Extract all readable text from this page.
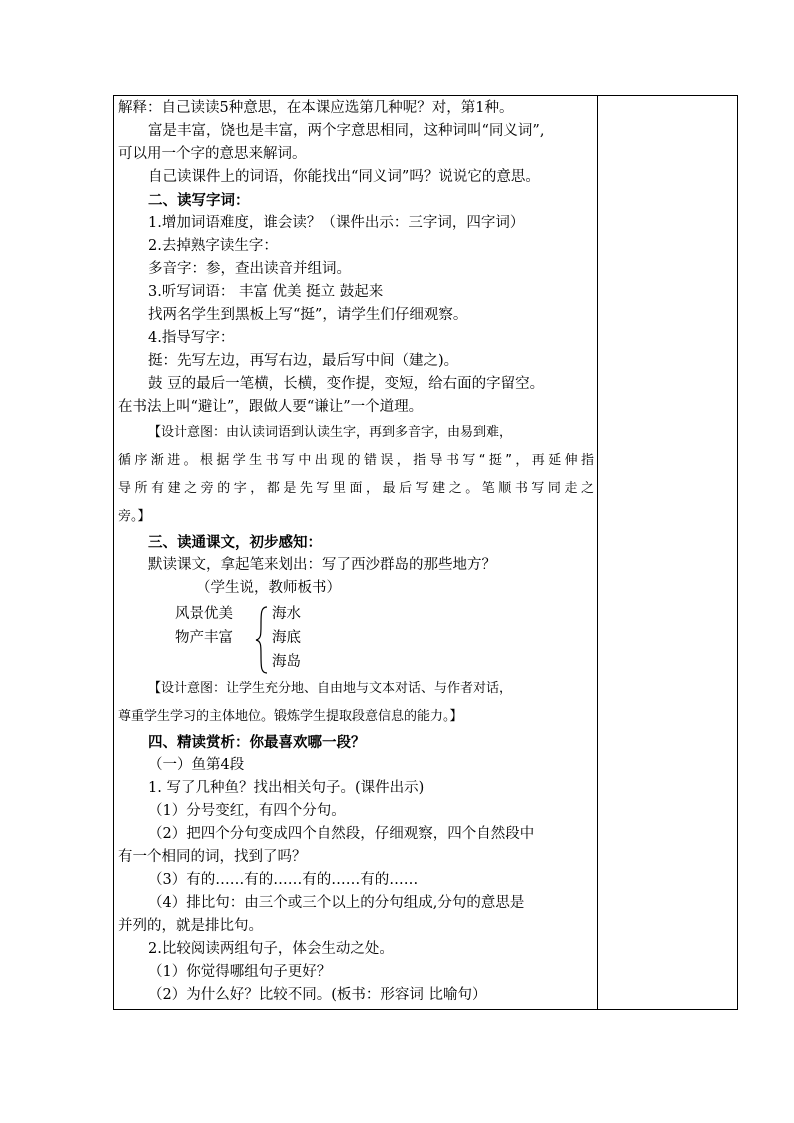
解释：自己读读5种意思，在本课应选第几种呢？对，第1种。
富是丰富，饶也是丰富，两个字意思相同，这种词叫“同义词”,
可以用一个字的意思来解词。
自己读课件上的词语，你能找出“同义词”吗？说说它的意思。
二、读写字词：
1.增加词语难度，谁会读？（课件出示：三字词，四字词）
2.去掉熟字读生字：
多音字：参，查出读音并组词。
3.听写词语： 丰富 优美 挺立 鼓起来
找两名学生到黑板上写“挺”，请学生们仔细观察。
4.指导写字：
挺：先写左边，再写右边，最后写中间（建之)。
鼓 豆的最后一笔横，长横，变作提，变短，给右面的字留空。
在书法上叫“避让”，跟做人要“谦让”一个道理。
【设计意图：由认读词语到认读生字，再到多音字，由易到难，
循序渐进。根据学生书写中出现的错误，指导书写“挺”，再延伸指
导所有建之旁的字，都是先写里面，最后写建之。笔顺书写同走之
旁。】
三、读通课文，初步感知：
默读课文，拿起笔来划出：写了西沙群岛的那些地方？
（学生说，教师板书）
【设计意图：让学生充分地、自由地与文本对话、与作者对话，
尊重学生学习的主体地位。锻炼学生提取段意信息的能力。】
四、精读赏析：你最喜欢哪一段？
（一）鱼第4段
1. 写了几种鱼？找出相关句子。(课件出示)
（1）分号变红，有四个分句。
（2）把四个分句变成四个自然段，仔细观察，四个自然段中
有一个相同的词，找到了吗？
（3）有的……有的……有的……有的……
（4）排比句：由三个或三个以上的分句组成,分句的意思是
并列的，就是排比句。
2.比较阅读两组句子，体会生动之处。
（1）你觉得哪组句子更好？
（2）为什么好？比较不同。(板书：形容词 比喻句）
风景优美
物产丰富
海水
海底
海岛
